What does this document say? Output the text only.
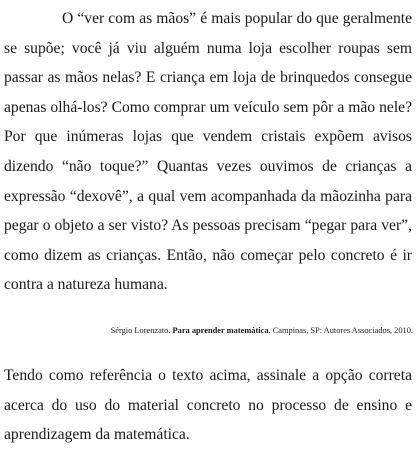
O “ver com as mãos” é mais popular do que geralmente se supõe; você já viu alguém numa loja escolher roupas sem passar as mãos nelas? E criança em loja de brinquedos consegue apenas olhá-los? Como comprar um veículo sem pôr a mão nele? Por que inúmeras lojas que vendem cristais expõem avisos dizendo “não toque?” Quantas vezes ouvimos de crianças a expressão “dexovê”, a qual vem acompanhada da mãozinha para pegar o objeto a ser visto? As pessoas precisam “pegar para ver”, como dizem as crianças. Então, não começar pelo concreto é ir contra a natureza humana.

Sérgio Lorenzato. Para aprender matemática. Campinas, SP: Autores Associados, 2010.

Tendo como referência o texto acima, assinale a opção correta acerca do uso do material concreto no processo de ensino e aprendizagem da matemática.
